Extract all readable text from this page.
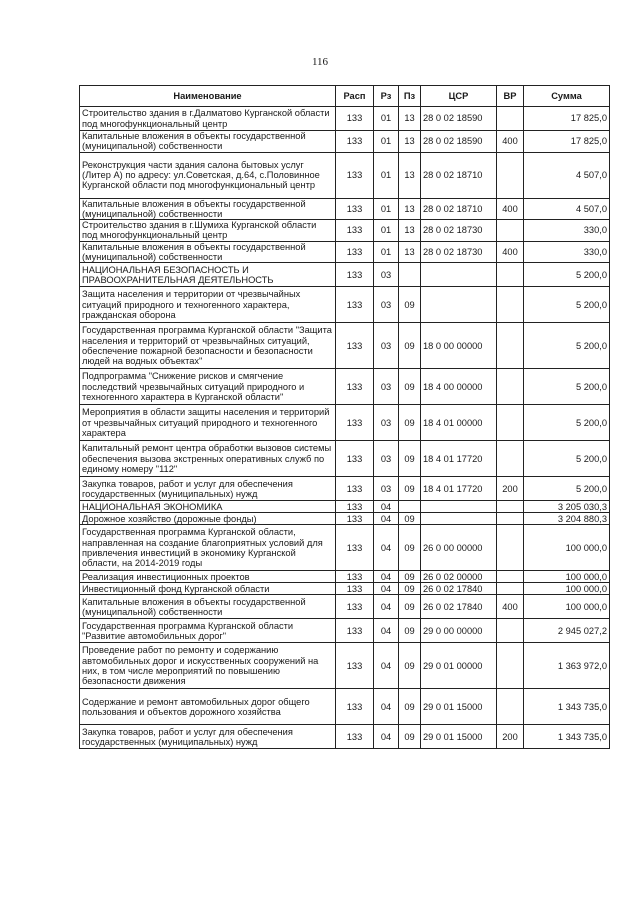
116
Наименование	Расп	Рз	Пз	ЦСР	ВР	Сумма
Строительство здания в г.Далматово Курганской области под многофункциональный центр	133	01	13	28 0 02 18590		17 825,0
Капитальные вложения в объекты государственной (муниципальной) собственности	133	01	13	28 0 02 18590	400	17 825,0
Реконструкция части здания салона бытовых услуг (Литер А) по адресу: ул.Советская, д.64, с.Половинное Курганской области под многофункциональный центр	133	01	13	28 0 02 18710		4 507,0
Капитальные вложения в объекты государственной (муниципальной) собственности	133	01	13	28 0 02 18710	400	4 507,0
Строительство здания в г.Шумиха Курганской области под многофункциональный центр	133	01	13	28 0 02 18730		330,0
Капитальные вложения в объекты государственной (муниципальной) собственности	133	01	13	28 0 02 18730	400	330,0
НАЦИОНАЛЬНАЯ БЕЗОПАСНОСТЬ И ПРАВООХРАНИТЕЛЬНАЯ ДЕЯТЕЛЬНОСТЬ	133	03				5 200,0
Защита населения и территории от чрезвычайных ситуаций природного и техногенного характера, гражданская оборона	133	03	09			5 200,0
Государственная программа Курганской области "Защита населения и территорий от чрезвычайных ситуаций, обеспечение пожарной безопасности и безопасности людей на водных объектах"	133	03	09	18 0 00 00000		5 200,0
Подпрограмма "Снижение рисков и смягчение последствий чрезвычайных ситуаций природного и техногенного характера в Курганской области"	133	03	09	18 4 00 00000		5 200,0
Мероприятия в области защиты населения и территорий от чрезвычайных ситуаций природного и техногенного характера	133	03	09	18 4 01 00000		5 200,0
Капитальный ремонт центра обработки вызовов системы обеспечения вызова экстренных оперативных служб по единому номеру "112"	133	03	09	18 4 01 17720		5 200,0
Закупка товаров, работ и услуг для обеспечения государственных (муниципальных) нужд	133	03	09	18 4 01 17720	200	5 200,0
НАЦИОНАЛЬНАЯ ЭКОНОМИКА	133	04				3 205 030,3
Дорожное хозяйство (дорожные фонды)	133	04	09			3 204 880,3
Государственная программа Курганской области, направленная на создание благоприятных условий для привлечения инвестиций в экономику Курганской области, на 2014-2019 годы	133	04	09	26 0 00 00000		100 000,0
Реализация инвестиционных проектов	133	04	09	26 0 02 00000		100 000,0
Инвестиционный фонд Курганской области	133	04	09	26 0 02 17840		100 000,0
Капитальные вложения в объекты государственной (муниципальной) собственности	133	04	09	26 0 02 17840	400	100 000,0
Государственная программа Курганской области "Развитие автомобильных дорог"	133	04	09	29 0 00 00000		2 945 027,2
Проведение работ по ремонту и содержанию автомобильных дорог и искусственных сооружений на них, в том числе мероприятий по повышению безопасности движения	133	04	09	29 0 01 00000		1 363 972,0
Содержание и ремонт автомобильных дорог общего пользования и объектов дорожного хозяйства	133	04	09	29 0 01 15000		1 343 735,0
Закупка товаров, работ и услуг для обеспечения государственных (муниципальных) нужд	133	04	09	29 0 01 15000	200	1 343 735,0
